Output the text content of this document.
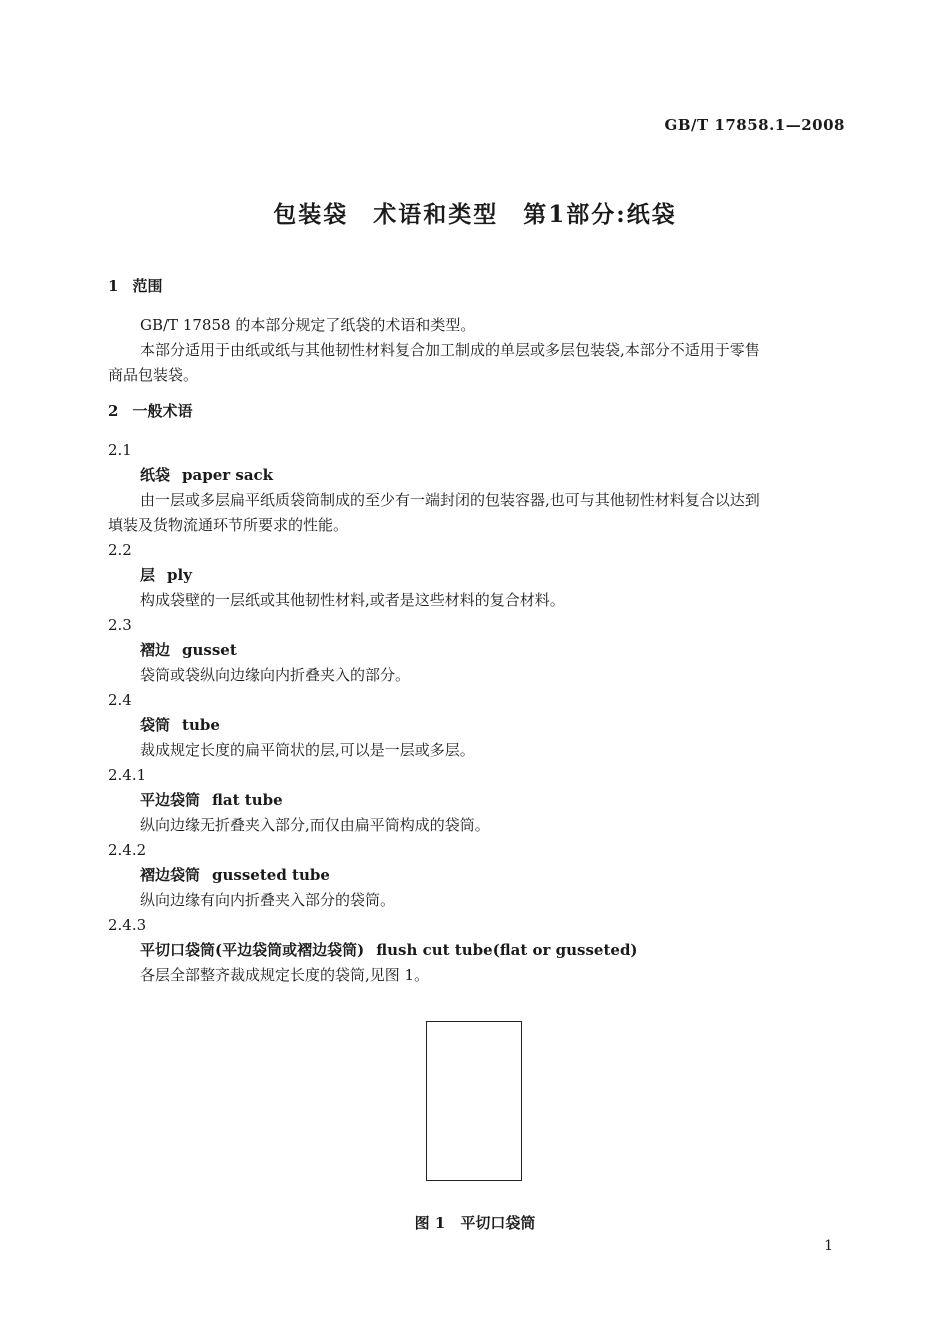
GB/T 17858.1—2008
包装袋　术语和类型　第1部分:纸袋
1 范围
GB/T 17858 的本部分规定了纸袋的术语和类型。
本部分适用于由纸或纸与其他韧性材料复合加工制成的单层或多层包装袋,本部分不适用于零售
商品包装袋。
2 一般术语
2.1
纸袋 paper sack
由一层或多层扁平纸质袋筒制成的至少有一端封闭的包装容器,也可与其他韧性材料复合以达到
填装及货物流通环节所要求的性能。
2.2
层 ply
构成袋壁的一层纸或其他韧性材料,或者是这些材料的复合材料。
2.3
褶边 gusset
袋筒或袋纵向边缘向内折叠夹入的部分。
2.4
袋筒 tube
裁成规定长度的扁平筒状的层,可以是一层或多层。
2.4.1
平边袋筒 flat tube
纵向边缘无折叠夹入部分,而仅由扁平筒构成的袋筒。
2.4.2
褶边袋筒 gusseted tube
纵向边缘有向内折叠夹入部分的袋筒。
2.4.3
平切口袋筒(平边袋筒或褶边袋筒) flush cut tube(flat or gusseted)
各层全部整齐裁成规定长度的袋筒,见图 1。
图 1　平切口袋筒
1
